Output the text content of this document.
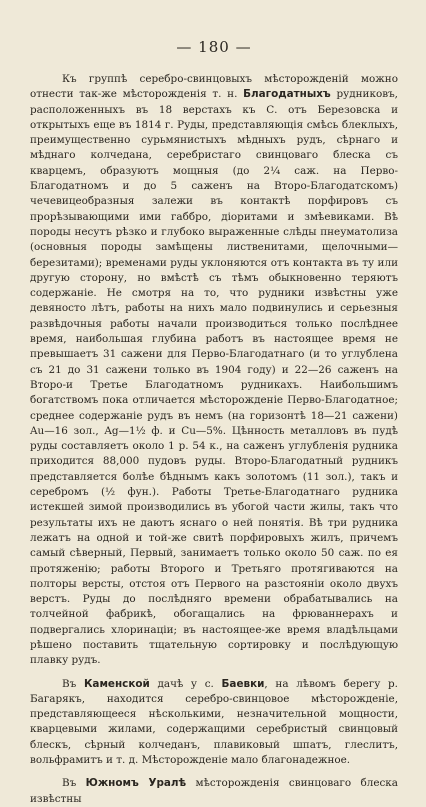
— 180 —

Къ группѣ серебро-свинцовыхъ мѣсторожденій можно отнести так-же мѣсторожденія т. н. Благодатныхъ рудниковъ, расположенныхъ въ 18 верстахъ къ С. отъ Березовска и открытыхъ еще въ 1814 г. Руды, представляющія смѣсь блеклыхъ, преимущественно сурьмянистыхъ мѣдныхъ рудъ, сѣрнаго и мѣднаго колчедана, серебристаго свинцоваго блеска съ кварцемъ, образуютъ мощныя (до 2¼ саж. на Перво-Благодатномъ и до 5 саженъ на Второ-Благодатскомъ) чечевицеобразныя залежи въ контактѣ порфировъ съ прорѣзывающими ими габбро, діоритами и змѣевиками. Вѣ породы несутъ рѣзко и глубоко выраженные слѣды пнеуматолиза (основныя породы замѣщены лиственитами, щелочными—березитами); временами руды уклоняются отъ контакта въ ту или другую сторону, но вмѣстѣ съ тѣмъ обыкновенно теряютъ содержаніе. Не смотря на то, что рудники извѣстны уже девяносто лѣтъ, работы на нихъ мало подвинулись и серьезныя развѣдочныя работы начали производиться только послѣднее время, наибольшая глубина работъ въ настоящее время не превышаетъ 31 сажени для Перво-Благодатнаго (и то углублена съ 21 до 31 сажени только въ 1904 году) и 22—26 саженъ на Второ-и Третье Благодатномъ рудникахъ. Наибольшимъ богатствомъ пока отличается мѣсторожденіе Перво-Благодатное; среднее содержаніе рудъ въ немъ (на горизонтѣ 18—21 сажени) Au—16 зол., Ag—1½ ф. и Cu—5%. Цѣнность металловъ въ пудѣ руды составляетъ около 1 р. 54 к., на саженъ углубленія рудника приходится 88,000 пудовъ руды. Второ-Благодатный рудникъ представляется болѣе бѣднымъ какъ золотомъ (11 зол.), такъ и серебромъ (½ фун.). Работы Третье-Благодатнаго рудника истекшей зимой производились въ убогой части жилы, такъ что результаты ихъ не даютъ яснаго о ней понятія. Вѣ три рудника лежатъ на одной и той-же свитѣ порфировыхъ жилъ, причемъ самый сѣверный, Первый, занимаетъ только около 50 саж. по ея протяженію; работы Второго и Третьяго протягиваются на полторы версты, отстоя отъ Первого на разстояніи около двухъ верстъ. Руды до послѣдняго времени обрабатывались на толчейной фабрикѣ, обогащались на фрюваннерахъ и подвергались хлоринаціи; въ настоящее-же время владѣльцами рѣшено поставить тщательную сортировку и послѣдующую плавку рудъ.

Въ Каменской дачѣ у с. Баевки, на лѣвомъ берегу р. Багарякъ, находится серебро-свинцовое мѣсторожденіе, представляющееся нѣсколькими, незначительной мощности, кварцевыми жилами, содержащими серебристый свинцовый блескъ, сѣрный колчеданъ, плавиковый шпатъ, глеслитъ, вольфрамитъ и т. д. Мѣсторожденіе мало благонадежное.

Въ Южномъ Уралѣ мѣсторожденія свинцоваго блеска извѣстны
